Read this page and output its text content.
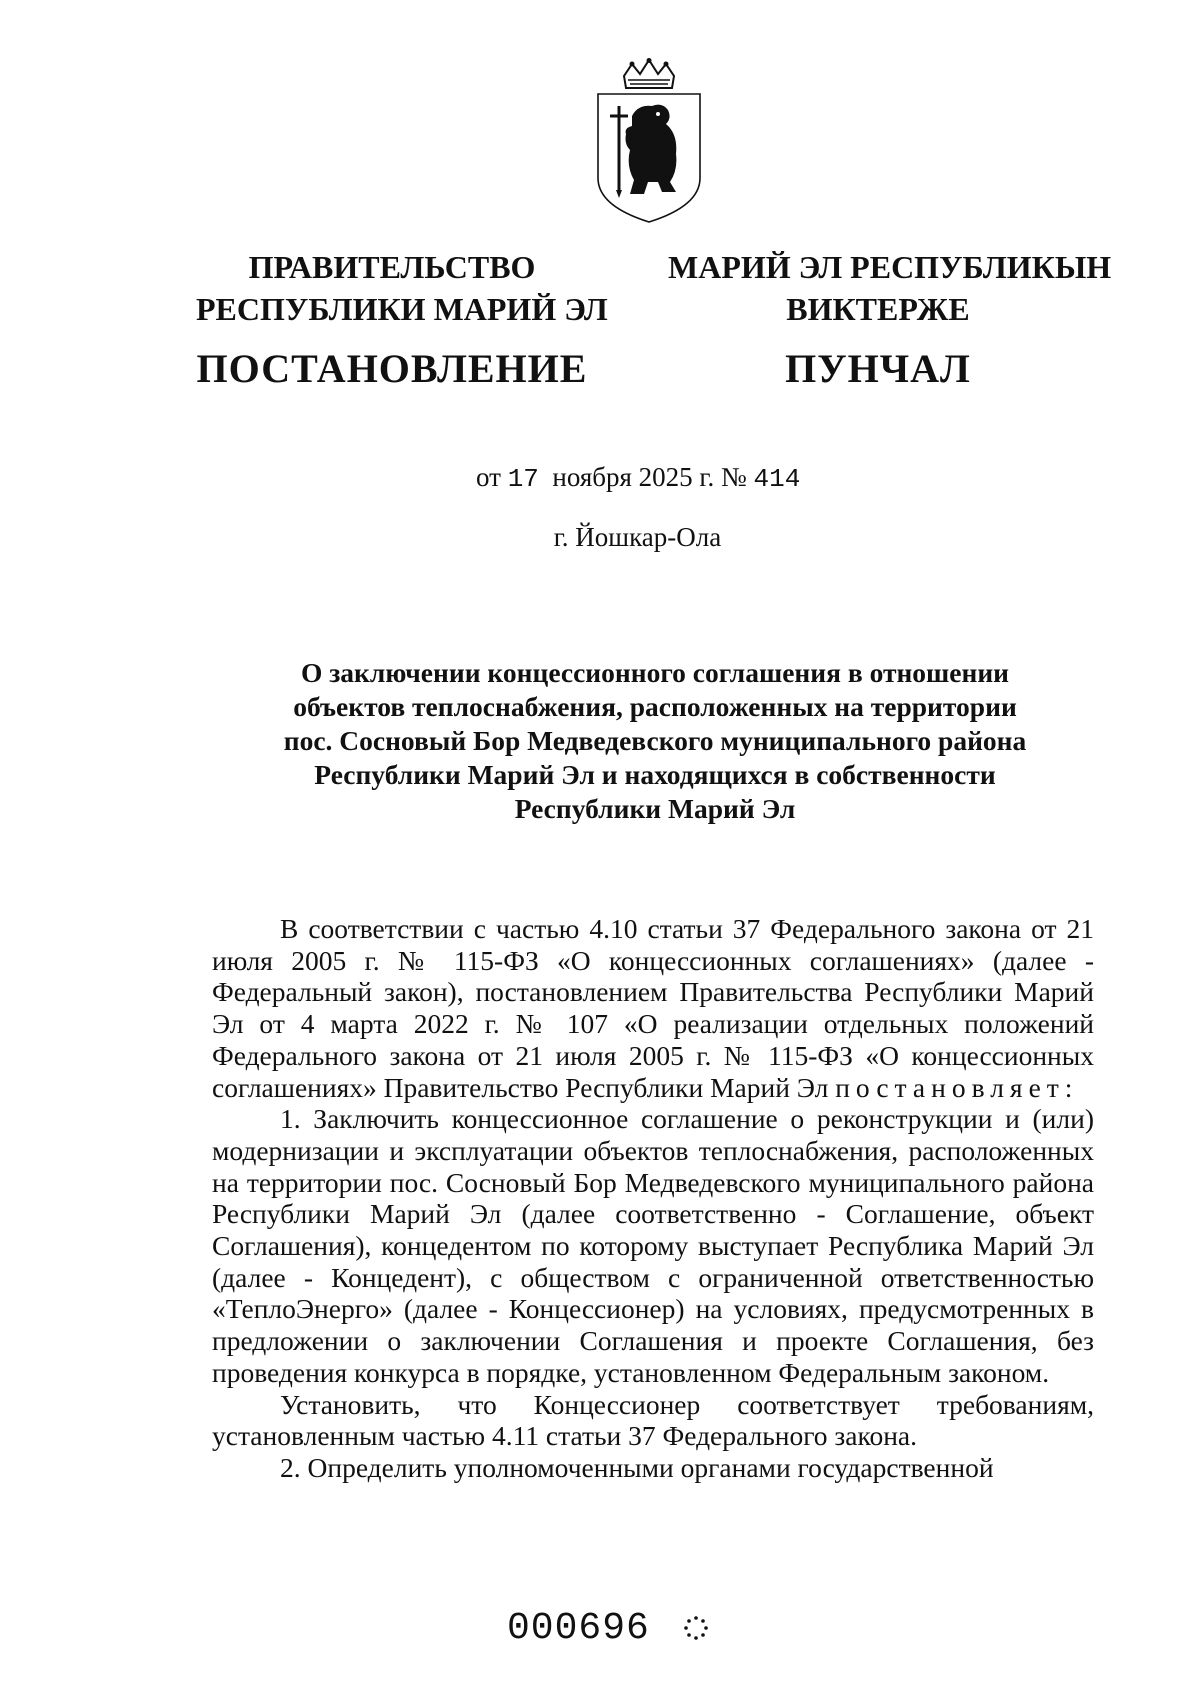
ПРАВИТЕЛЬСТВО
РЕСПУБЛИКИ МАРИЙ ЭЛ
ПОСТАНОВЛЕНИЕ
МАРИЙ ЭЛ РЕСПУБЛИКЫН
ВИКТЕРЖЕ
ПУНЧАЛ
от 17 ноября 2025 г. № 414
г. Йошкар-Ола
О заключении концессионного соглашения в отношении
объектов теплоснабжения, расположенных на территории
пос. Сосновый Бор Медведевского муниципального района
Республики Марий Эл и находящихся в собственности
Республики Марий Эл

В соответствии с частью 4.10 статьи 37 Федерального закона от 21 июля 2005 г. № 115-ФЗ «О концессионных соглашениях» (далее - Федеральный закон), постановлением Правительства Республики Марий Эл от 4 марта 2022 г. № 107 «О реализации отдельных положений Федерального закона от 21 июля 2005 г. № 115-ФЗ «О концессионных соглашениях» Правительство Республики Марий Эл постановляет:

1. Заключить концессионное соглашение о реконструкции и (или) модернизации и эксплуатации объектов теплоснабжения, расположенных на территории пос. Сосновый Бор Медведевского муниципального района Республики Марий Эл (далее соответственно - Соглашение, объект Соглашения), концедентом по которому выступает Республика Марий Эл (далее - Концедент), с обществом с ограниченной ответственностью «ТеплоЭнерго» (далее - Концессионер) на условиях, предусмотренных в предложении о заключении Соглашения и проекте Соглашения, без проведения конкурса в порядке, установленном Федеральным законом.

Установить, что Концессионер соответствует требованиям, установленным частью 4.11 статьи 37 Федерального закона.

2. Определить уполномоченными органами государственной

000696
